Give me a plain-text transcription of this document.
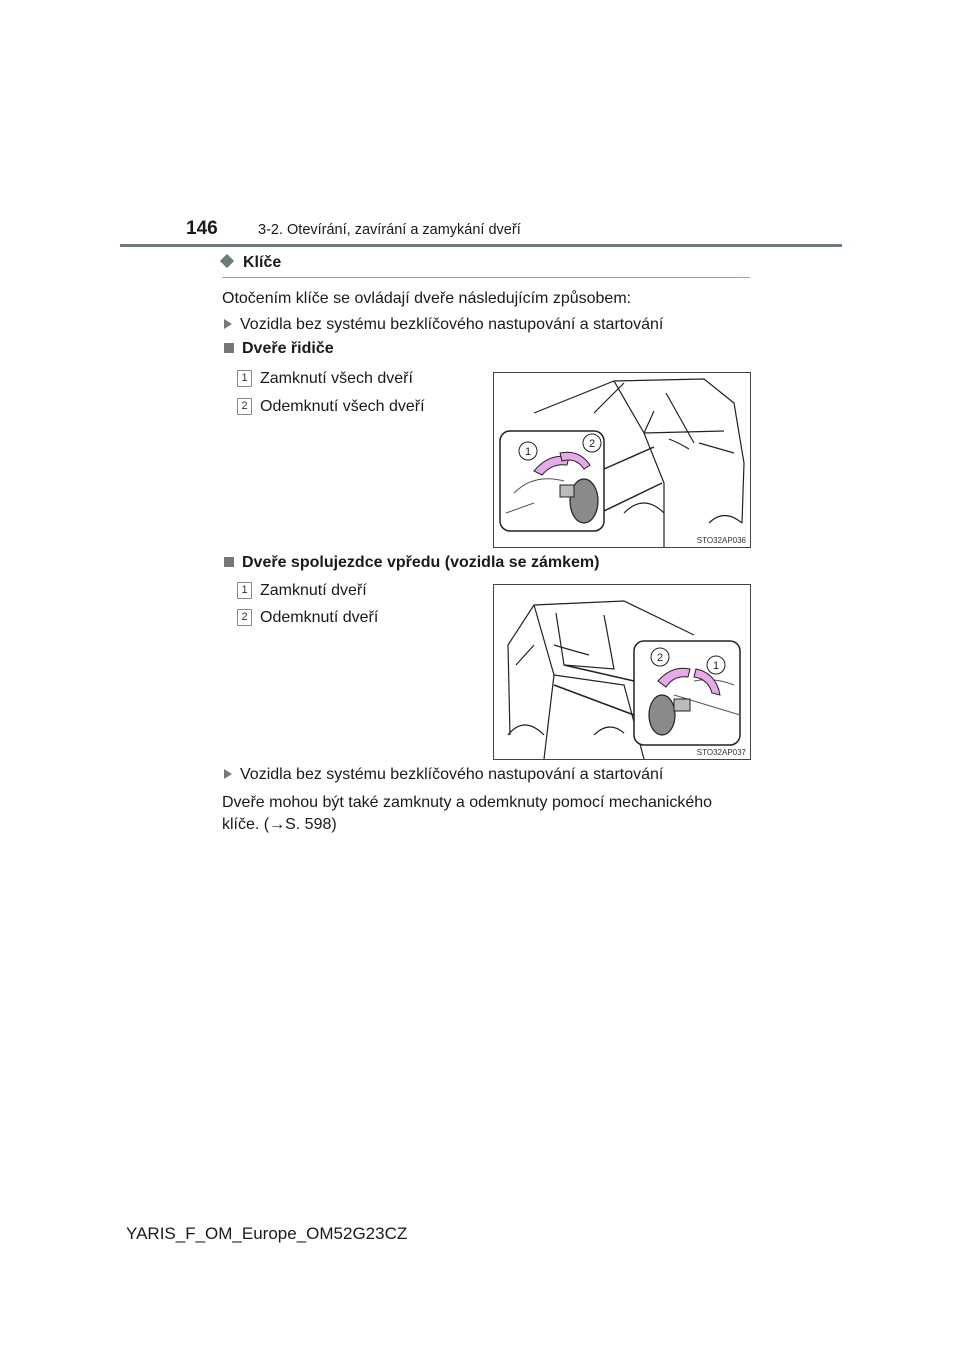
146	3-2. Otevírání, zavírání a zamykání dveří
Klíče
Otočením klíče se ovládají dveře následujícím způsobem:
Vozidla bez systému bezklíčového nastupování a startování
Dveře řidiče
1 Zamknutí všech dveří
2 Odemknutí všech dveří
1
2
STO32AP036
Dveře spolujezdce vpředu (vozidla se zámkem)
1 Zamknutí dveří
2 Odemknutí dveří
2
1
STO32AP037
Vozidla bez systému bezklíčového nastupování a startování
Dveře mohou být také zamknuty a odemknuty pomocí mechanického
klíče. (→S. 598)
YARIS_F_OM_Europe_OM52G23CZ
